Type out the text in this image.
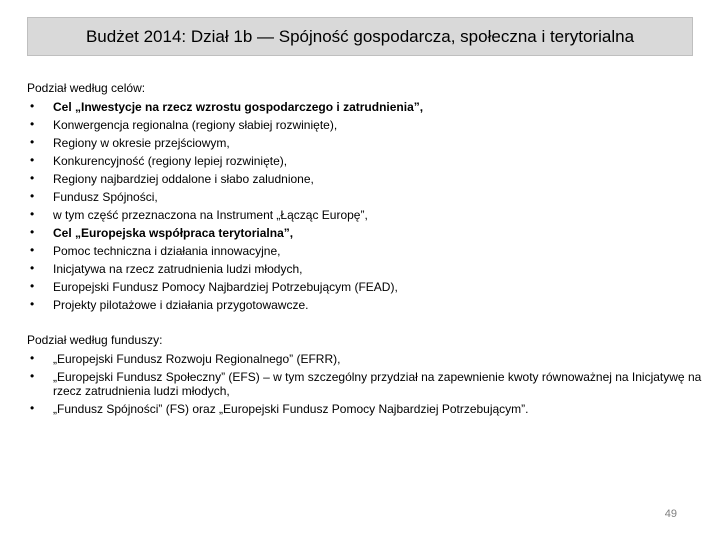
Budżet 2014: Dział 1b — Spójność gospodarcza, społeczna i terytorialna

Podział według celów:

•	Cel „Inwestycje na rzecz wzrostu gospodarczego i zatrudnienia”,
•	Konwergencja regionalna (regiony słabiej rozwinięte),
•	Regiony w okresie przejściowym,
•	Konkurencyjność (regiony lepiej rozwinięte),
•	Regiony najbardziej oddalone i słabo zaludnione,
•	Fundusz Spójności,
•	w tym część przeznaczona na Instrument „Łącząc Europę”,
•	Cel „Europejska współpraca terytorialna”,
•	Pomoc techniczna i działania innowacyjne,
•	Inicjatywa na rzecz zatrudnienia ludzi młodych,
•	Europejski Fundusz Pomocy Najbardziej Potrzebującym (FEAD),
•	Projekty pilotażowe i działania przygotowawcze.

Podział według funduszy:

•	„Europejski Fundusz Rozwoju Regionalnego” (EFRR),
•	„Europejski Fundusz Społeczny” (EFS) – w tym szczególny przydział na zapewnienie kwoty równoważnej na Inicjatywę na rzecz zatrudnienia ludzi młodych,
•	„Fundusz Spójności” (FS) oraz „Europejski Fundusz Pomocy Najbardziej Potrzebującym”.
49
